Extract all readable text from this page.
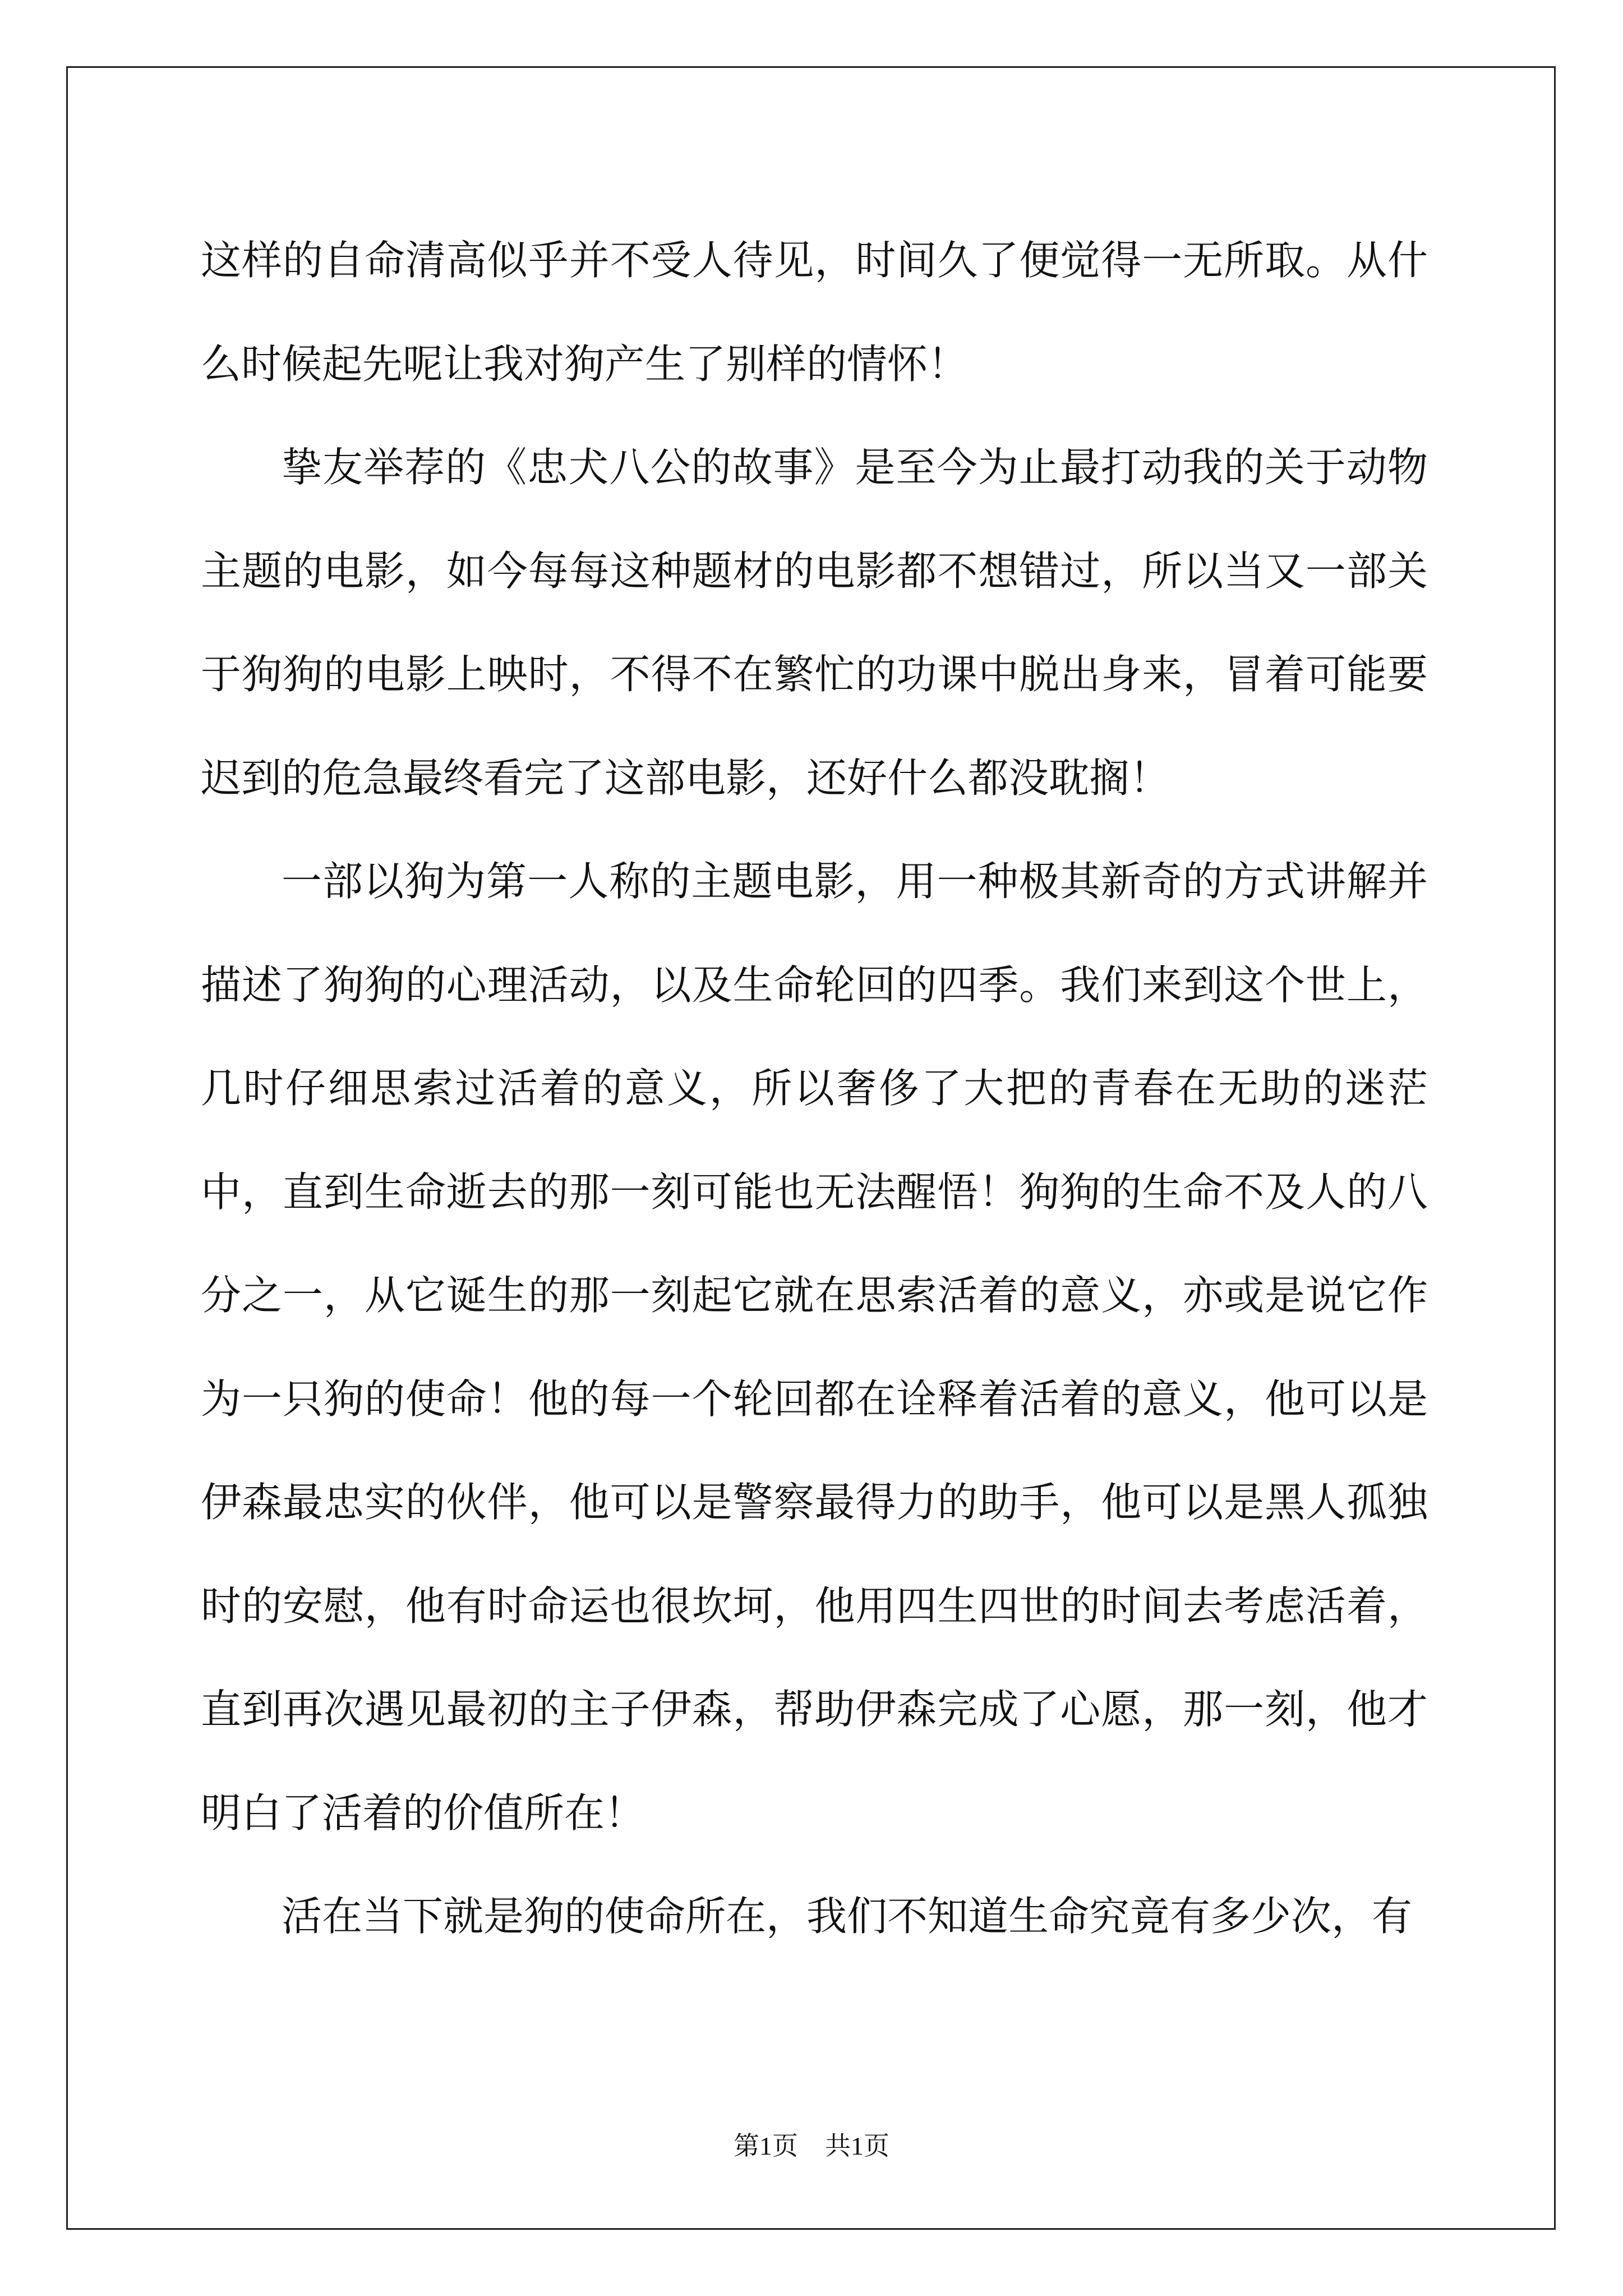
这样的自命清高似乎并不受人待见，时间久了便觉得一无所取。从什么时候起先呢让我对狗产生了别样的情怀！

挚友举荐的《忠犬八公的故事》是至今为止最打动我的关于动物主题的电影，如今每每这种题材的电影都不想错过，所以当又一部关于狗狗的电影上映时，不得不在繁忙的功课中脱出身来，冒着可能要迟到的危急最终看完了这部电影，还好什么都没耽搁！

一部以狗为第一人称的主题电影，用一种极其新奇的方式讲解并描述了狗狗的心理活动，以及生命轮回的四季。我们来到这个世上，几时仔细思索过活着的意义，所以奢侈了大把的青春在无助的迷茫中，直到生命逝去的那一刻可能也无法醒悟！狗狗的生命不及人的八分之一，从它诞生的那一刻起它就在思索活着的意义，亦或是说它作为一只狗的使命！他的每一个轮回都在诠释着活着的意义，他可以是伊森最忠实的伙伴，他可以是警察最得力的助手，他可以是黑人孤独时的安慰，他有时命运也很坎坷，他用四生四世的时间去考虑活着，直到再次遇见最初的主子伊森，帮助伊森完成了心愿，那一刻，他才明白了活着的价值所在！

活在当下就是狗的使命所在，我们不知道生命究竟有多少次，有

第1页 共1页
